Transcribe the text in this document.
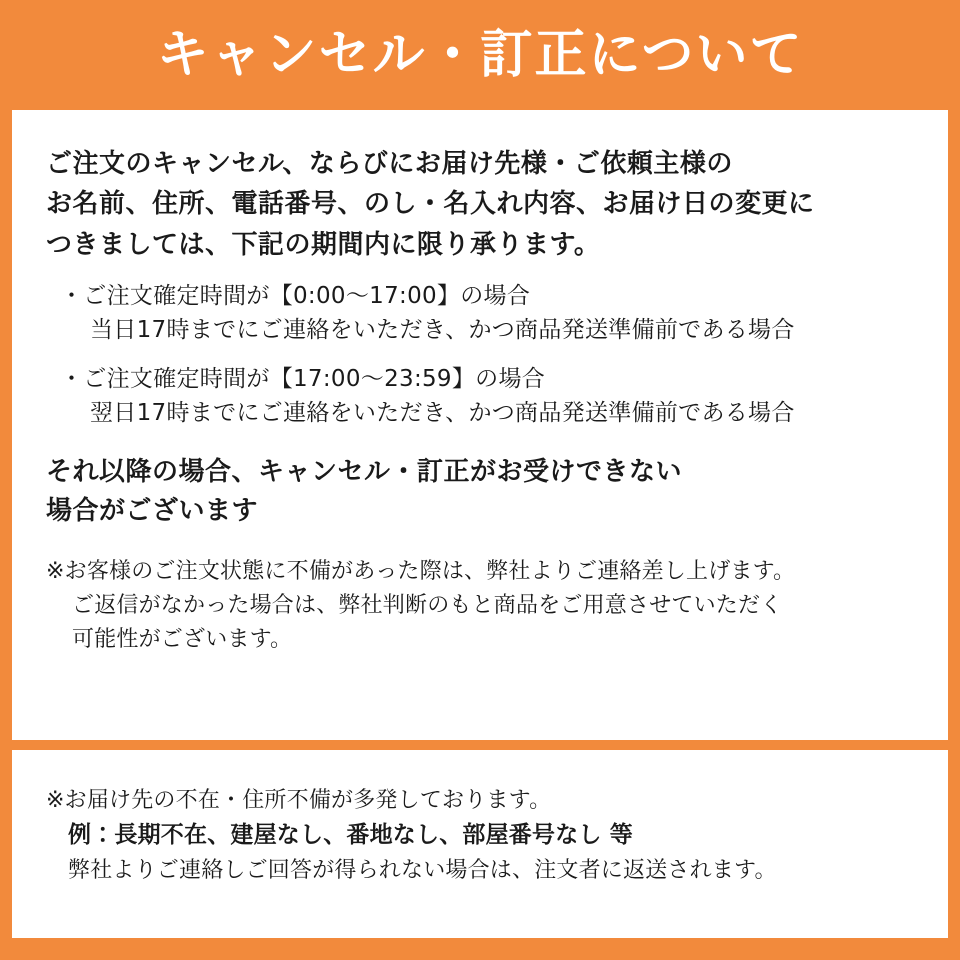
キャンセル・訂正について
ご注文のキャンセル、ならびにお届け先様・ご依頼主様の
お名前、住所、電話番号、のし・名入れ内容、お届け日の変更に
つきましては、下記の期間内に限り承ります。
・ご注文確定時間が【0:00〜17:00】の場合
当日17時までにご連絡をいただき、かつ商品発送準備前である場合
・ご注文確定時間が【17:00〜23:59】の場合
翌日17時までにご連絡をいただき、かつ商品発送準備前である場合
それ以降の場合、キャンセル・訂正がお受けできない
場合がございます
※お客様のご注文状態に不備があった際は、弊社よりご連絡差し上げます。
ご返信がなかった場合は、弊社判断のもと商品をご用意させていただく
可能性がございます。
※お届け先の不在・住所不備が多発しております。
例：長期不在、建屋なし、番地なし、部屋番号なし 等
弊社よりご連絡しご回答が得られない場合は、注文者に返送されます。
